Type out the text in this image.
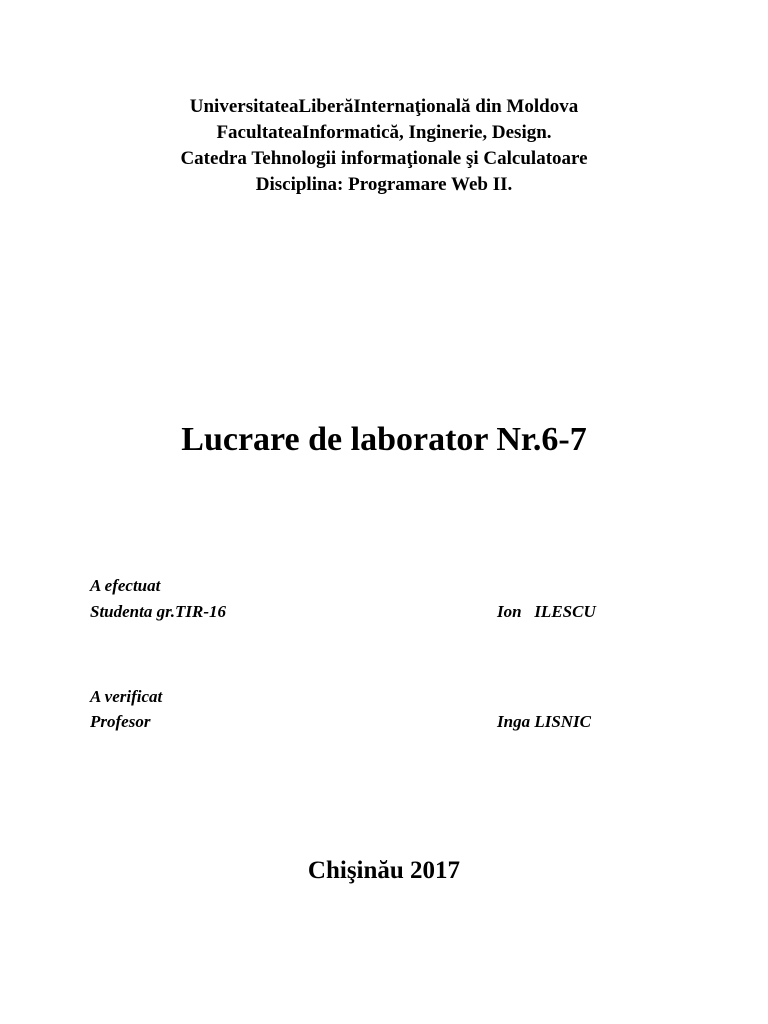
UniversitateaLiberăInternaţională din Moldova
FacultateaInformatică, Inginerie, Design.
Catedra Tehnologii informaţionale şi Calculatoare
Disciplina: Programare Web II.
Lucrare de laborator Nr.6-7
A efectuat
Studenta gr.TIR-16	Ion   ILESCU
A verificat
Profesor	Inga LISNIC
Chişinău 2017
